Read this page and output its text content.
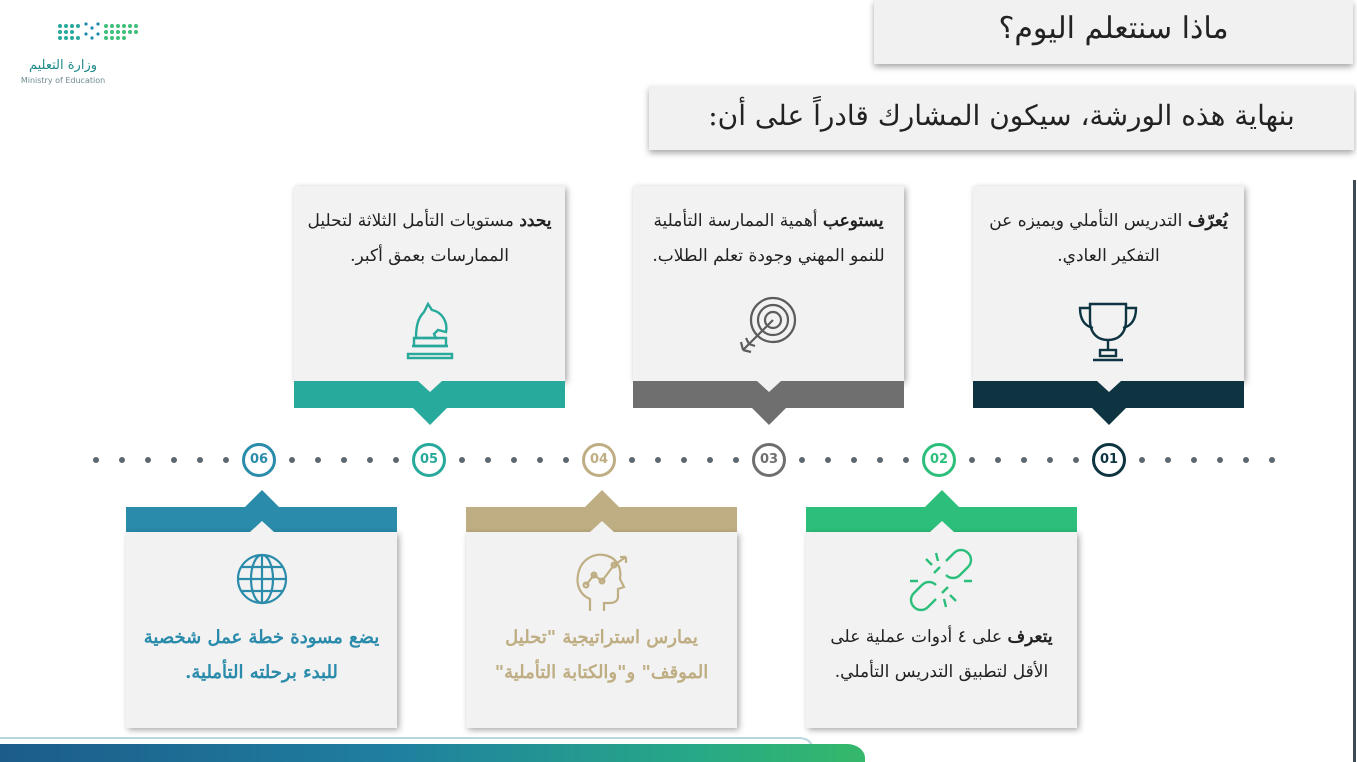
وزارة التعليم
Ministry of Education
ماذا سنتعلم اليوم؟
بنهاية هذه الورشة، سيكون المشارك قادراً على أن:
يُعرّف التدريس التأملي ويميزه عن التفكير العادي.
يستوعب أهمية الممارسة التأملية للنمو المهني وجودة تعلم الطلاب.
يحدد مستويات التأمل الثلاثة لتحليل الممارسات بعمق أكبر.
06	05	04	03	02	01
يتعرف على ٤ أدوات عملية على الأقل لتطبيق التدريس التأملي.
يمارس استراتيجية "تحليل الموقف" و"والكتابة التأملية"
يضع مسودة خطة عمل شخصية للبدء برحلته التأملية.
